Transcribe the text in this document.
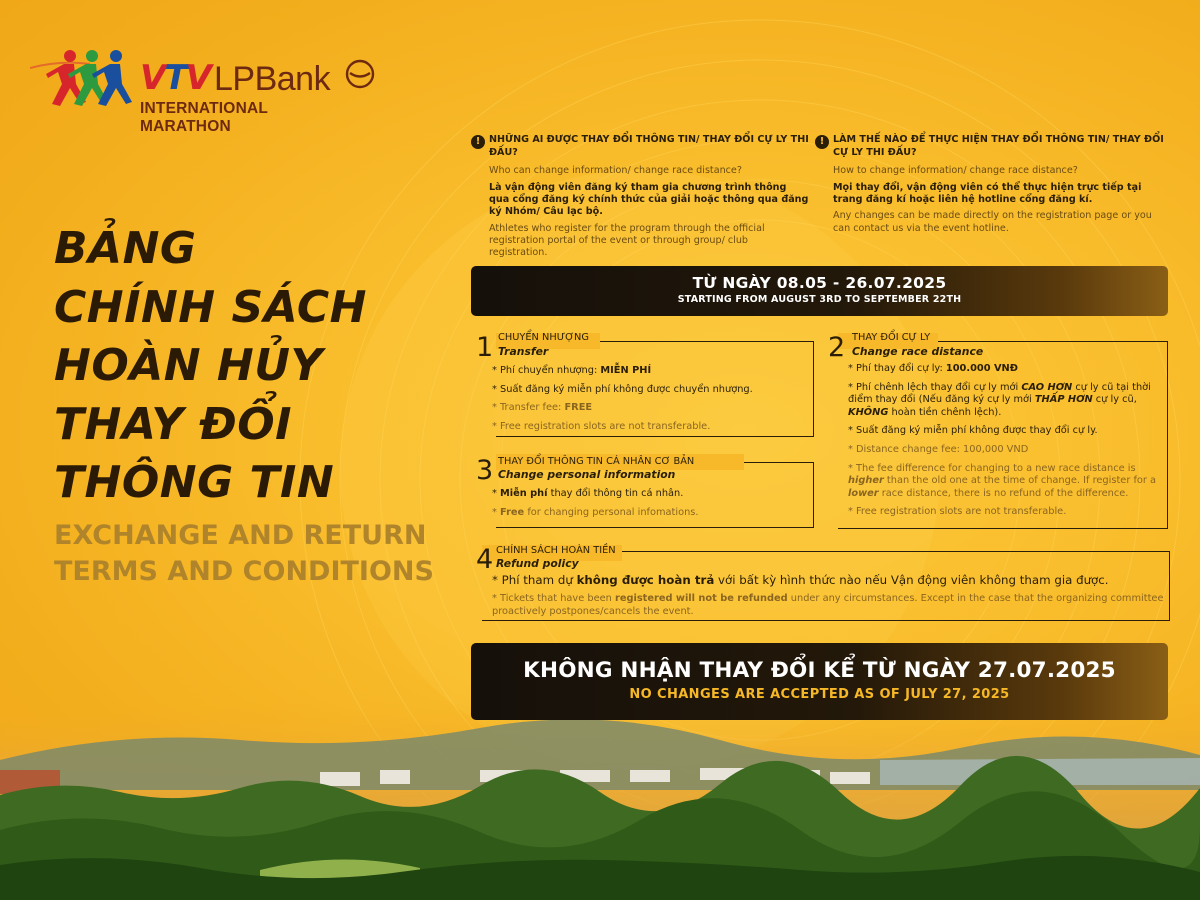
VTV LPBank
INTERNATIONAL MARATHON
BẢNG
CHÍNH SÁCH
HOÀN HỦY
THAY ĐỔI
THÔNG TIN
EXCHANGE AND RETURN
TERMS AND CONDITIONS
! NHỮNG AI ĐƯỢC THAY ĐỔI THÔNG TIN/ THAY ĐỔI CỰ LY THI ĐẤU?
Who can change information/ change race distance?
Là vận động viên đăng ký tham gia chương trình thông qua cổng đăng ký chính thức của giải hoặc thông qua đăng ký Nhóm/ Câu lạc bộ.
Athletes who register for the program through the official registration portal of the event or through group/ club registration.
! LÀM THẾ NÀO ĐỂ THỰC HIỆN THAY ĐỔI THÔNG TIN/ THAY ĐỔI CỰ LY THI ĐẤU?
How to change information/ change race distance?
Mọi thay đổi, vận động viên có thể thực hiện trực tiếp tại trang đăng kí hoặc liên hệ hotline cổng đăng kí.
Any changes can be made directly on the registration page or you can contact us via the event hotline.
TỪ NGÀY 08.05 - 26.07.2025
STARTING FROM AUGUST 3RD TO SEPTEMBER 22TH
1 CHUYỂN NHƯỢNG
Transfer
* Phí chuyển nhượng: MIỄN PHÍ
* Suất đăng ký miễn phí không được chuyển nhượng.
* Transfer fee: FREE
* Free registration slots are not transferable.
3 THAY ĐỔI THÔNG TIN CÁ NHÂN CƠ BẢN
Change personal information
* Miễn phí thay đổi thông tin cá nhân.
* Free for changing personal infomations.
2 THAY ĐỔI CỰ LY
Change race distance
* Phí thay đổi cự ly: 100.000 VNĐ
* Phí chênh lệch thay đổi cự ly mới CAO HƠN cự ly cũ tại thời điểm thay đổi (Nếu đăng ký cự ly mới THẤP HƠN cự ly cũ, KHÔNG hoàn tiền chênh lệch).
* Suất đăng ký miễn phí không được thay đổi cự ly.
* Distance change fee: 100,000 VND
* The fee difference for changing to a new race distance is higher than the old one at the time of change. If register for a lower race distance, there is no refund of the difference.
* Free registration slots are not transferable.
4 CHÍNH SÁCH HOÀN TIỀN
Refund policy
* Phí tham dự không được hoàn trả với bất kỳ hình thức nào nếu Vận động viên không tham gia được.
* Tickets that have been registered will not be refunded under any circumstances. Except in the case that the organizing committee proactively postpones/cancels the event.
KHÔNG NHẬN THAY ĐỔI KỂ TỪ NGÀY 27.07.2025
NO CHANGES ARE ACCEPTED AS OF JULY 27, 2025
